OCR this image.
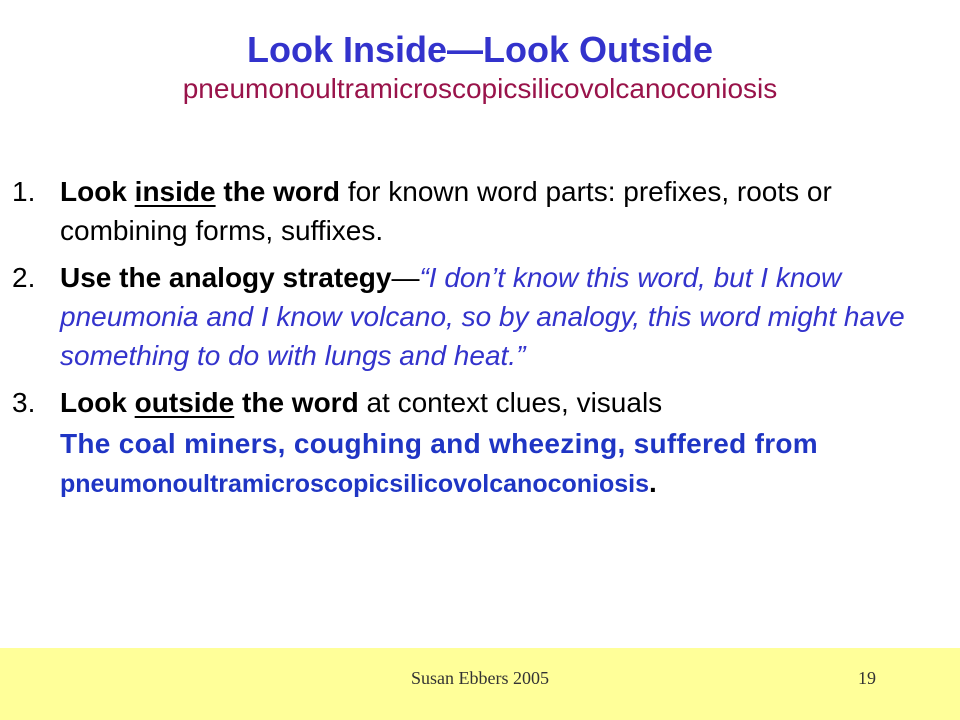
Look Inside—Look Outside
pneumonoultramicroscopicsilicovolcanoconiosis
1. Look inside the word for known word parts: prefixes, roots or combining forms, suffixes.
2. Use the analogy strategy—“I don’t know this word, but I know pneumonia and I know volcano, so by analogy, this word might have something to do with lungs and heat.”
3. Look outside the word at context clues, visuals
The coal miners, coughing and wheezing, suffered from pneumonoultramicroscopicsilicovolcanoconiosis.
Susan Ebbers 2005	19
